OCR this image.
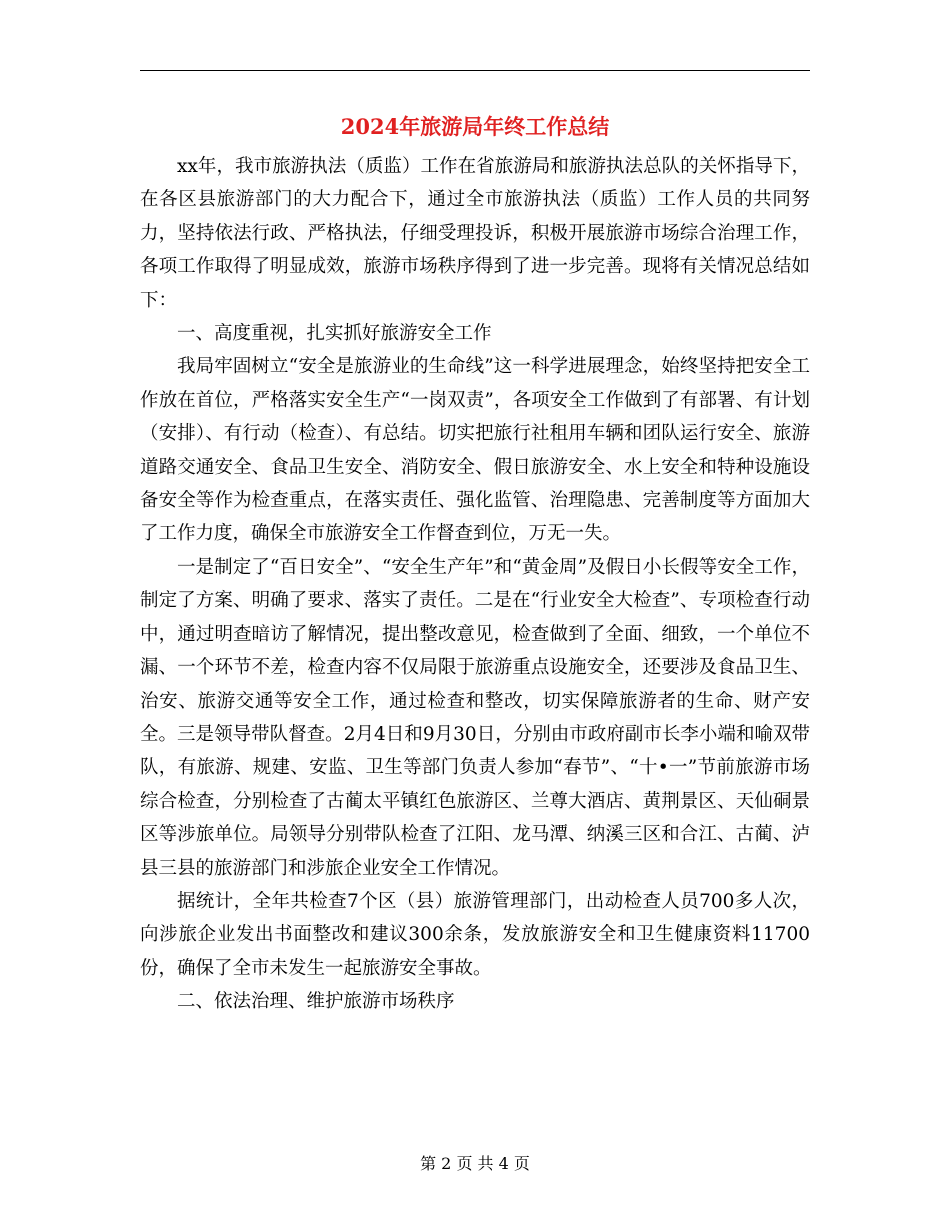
2024年旅游局年终工作总结

xx年，我市旅游执法（质监）工作在省旅游局和旅游执法总队的关怀指导下，在各区县旅游部门的大力配合下，通过全市旅游执法（质监）工作人员的共同努力，坚持依法行政、严格执法，仔细受理投诉，积极开展旅游市场综合治理工作，各项工作取得了明显成效，旅游市场秩序得到了进一步完善。现将有关情况总结如下：

一、高度重视，扎实抓好旅游安全工作

我局牢固树立“安全是旅游业的生命线”这一科学进展理念，始终坚持把安全工作放在首位，严格落实安全生产“一岗双责”，各项安全工作做到了有部署、有计划（安排）、有行动（检查）、有总结。切实把旅行社租用车辆和团队运行安全、旅游道路交通安全、食品卫生安全、消防安全、假日旅游安全、水上安全和特种设施设备安全等作为检查重点，在落实责任、强化监管、治理隐患、完善制度等方面加大了工作力度，确保全市旅游安全工作督查到位，万无一失。

一是制定了“百日安全”、“安全生产年”和“黄金周”及假日小长假等安全工作，制定了方案、明确了要求、落实了责任。二是在“行业安全大检查”、专项检查行动中，通过明查暗访了解情况，提出整改意见，检查做到了全面、细致，一个单位不漏、一个环节不差，检查内容不仅局限于旅游重点设施安全，还要涉及食品卫生、治安、旅游交通等安全工作，通过检查和整改，切实保障旅游者的生命、财产安全。三是领导带队督查。2月4日和9月30日，分别由市政府副市长李小端和喻双带队，有旅游、规建、安监、卫生等部门负责人参加“春节”、“十•一”节前旅游市场综合检查，分别检查了古蔺太平镇红色旅游区、兰尊大酒店、黄荆景区、天仙硐景区等涉旅单位。局领导分别带队检查了江阳、龙马潭、纳溪三区和合江、古蔺、泸县三县的旅游部门和涉旅企业安全工作情况。

据统计，全年共检查7个区（县）旅游管理部门，出动检查人员700多人次，向涉旅企业发出书面整改和建议300余条，发放旅游安全和卫生健康资料11700份，确保了全市未发生一起旅游安全事故。

二、依法治理、维护旅游市场秩序

第 2 页 共 4 页
